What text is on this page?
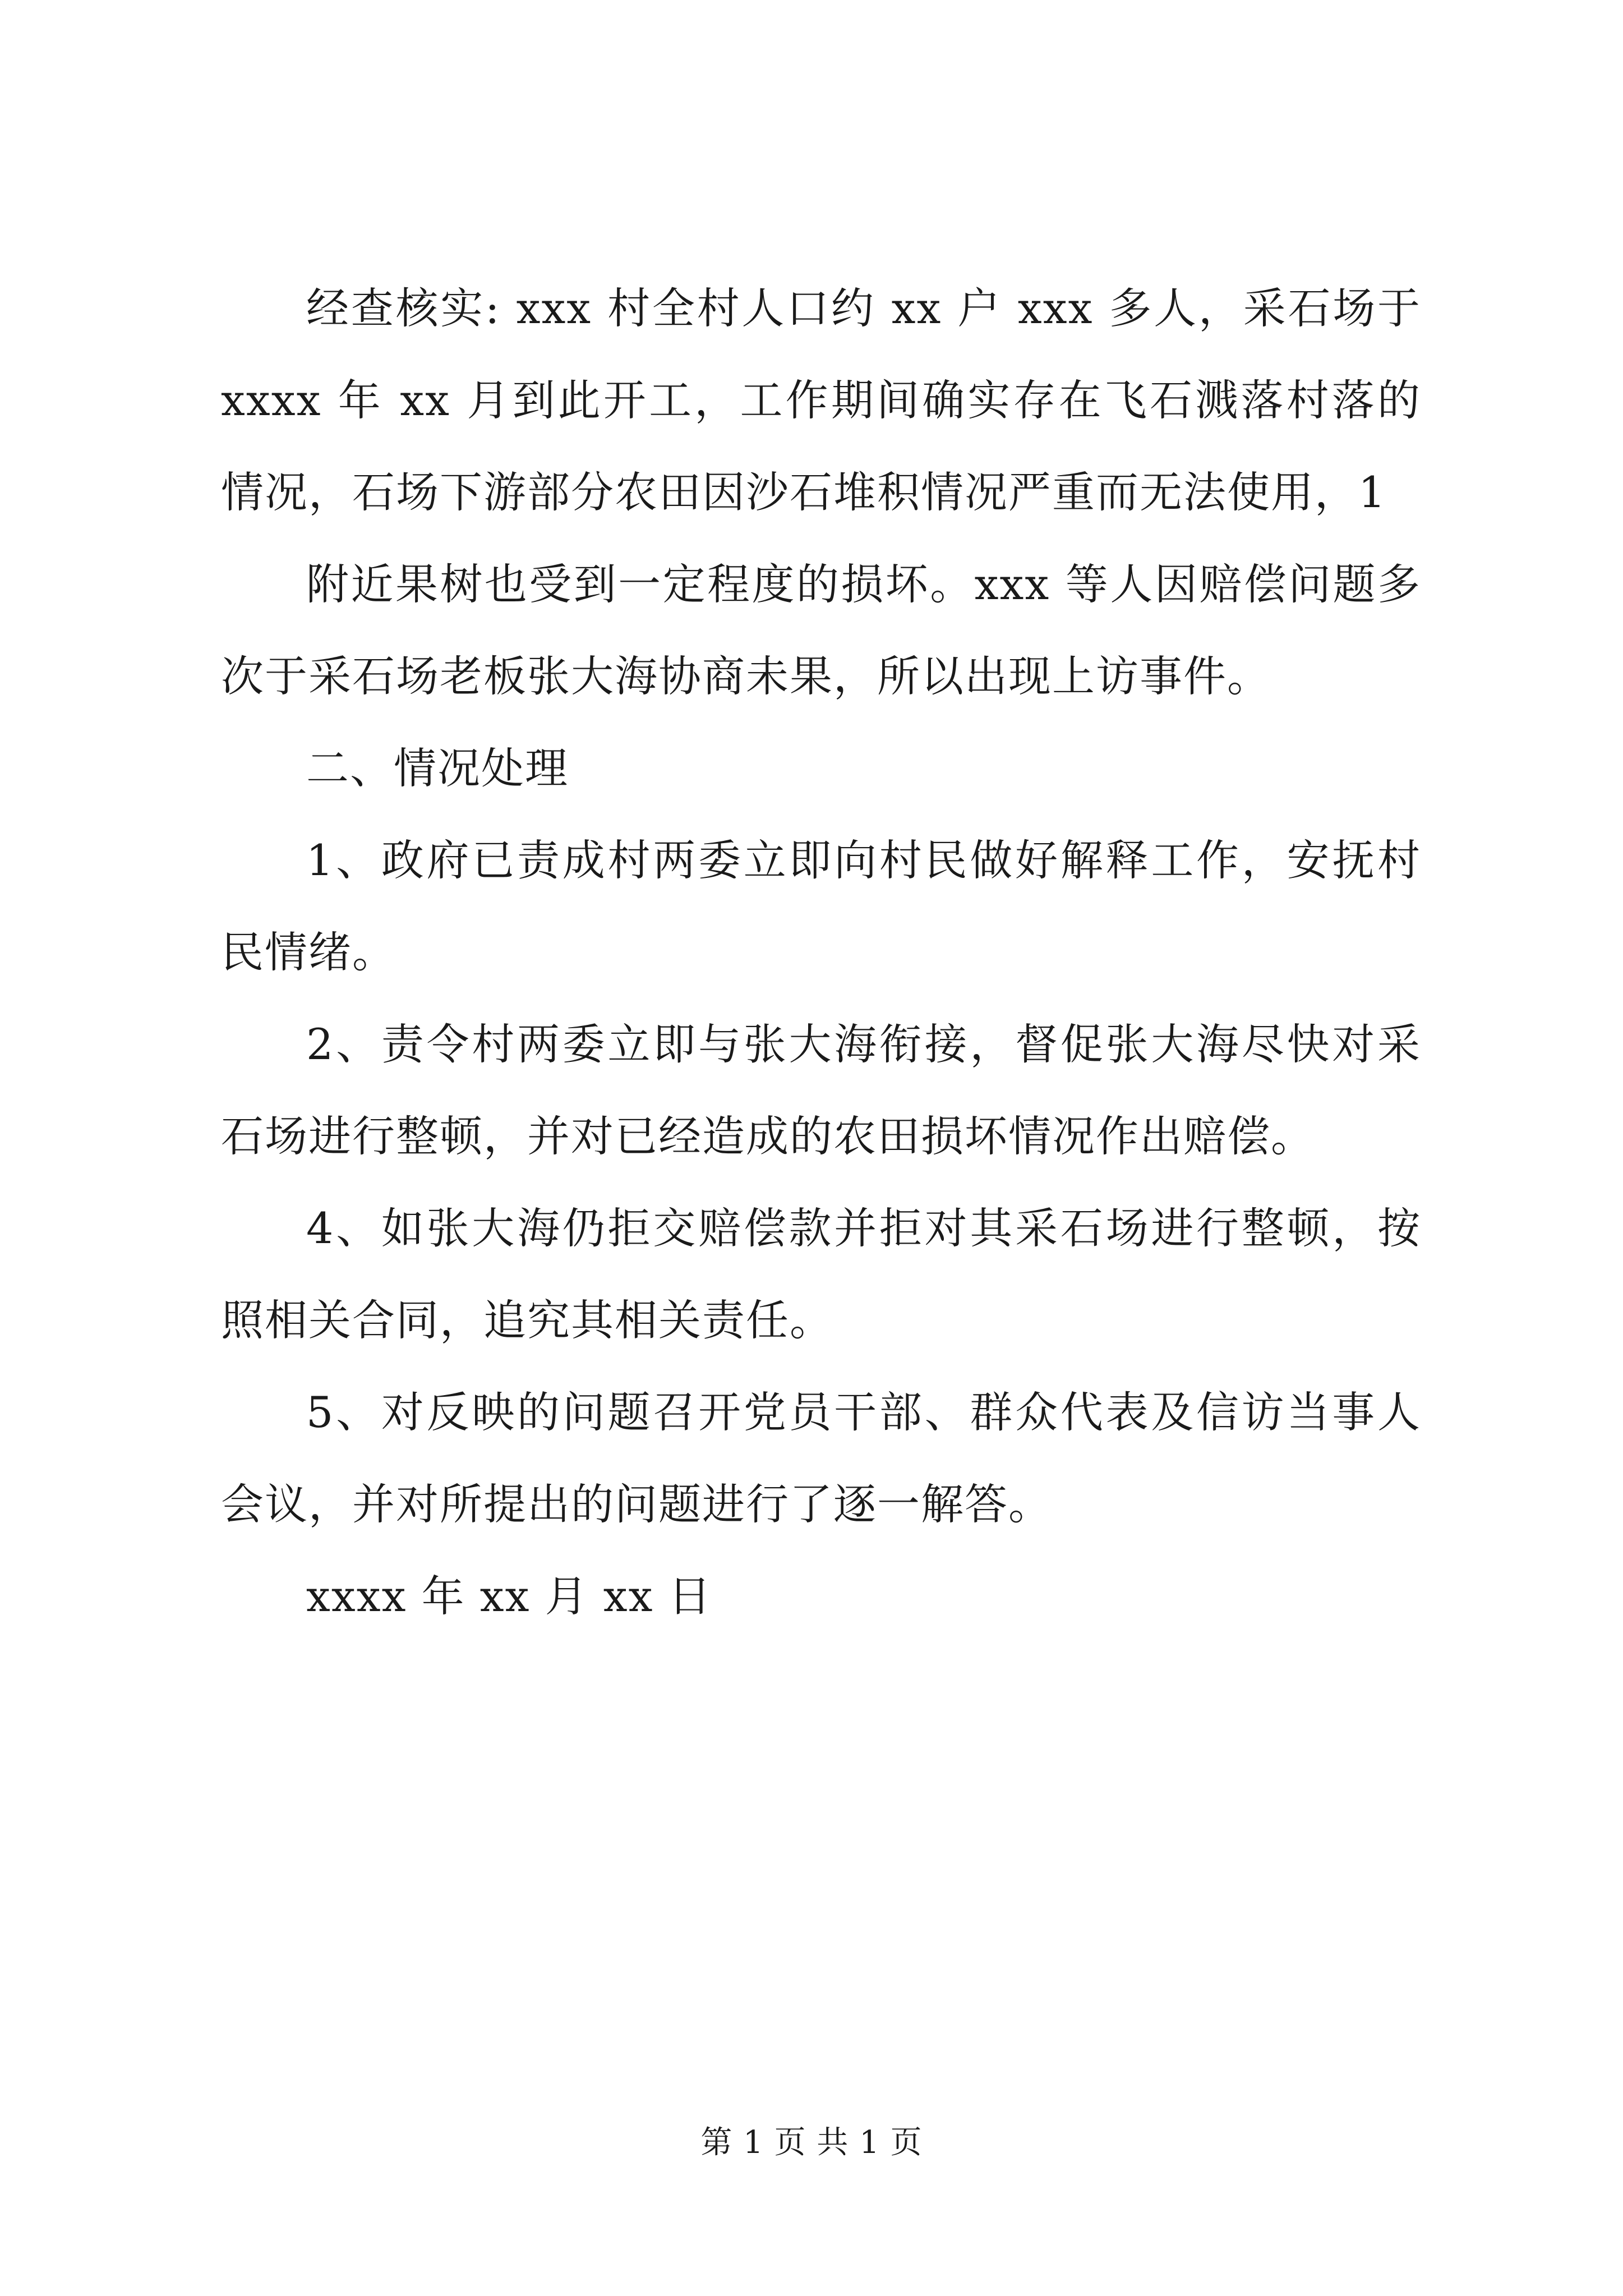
经查核实: xxx 村全村人口约 xx 户 xxx 多人，采石场于 xxxx 年 xx 月到此开工，工作期间确实存在飞石溅落村落的情况，石场下游部分农田因沙石堆积情况严重而无法使用，1

附近果树也受到一定程度的损坏。xxx 等人因赔偿问题多次于采石场老板张大海协商未果，所以出现上访事件。

二、情况处理

1、政府已责成村两委立即向村民做好解释工作，安抚村民情绪。

2、责令村两委立即与张大海衔接，督促张大海尽快对采石场进行整顿，并对已经造成的农田损坏情况作出赔偿。

4、如张大海仍拒交赔偿款并拒对其采石场进行整顿，按照相关合同，追究其相关责任。

5、对反映的问题召开党员干部、群众代表及信访当事人会议，并对所提出的问题进行了逐一解答。

xxxx 年 xx 月 xx 日

第 1 页 共 1 页
